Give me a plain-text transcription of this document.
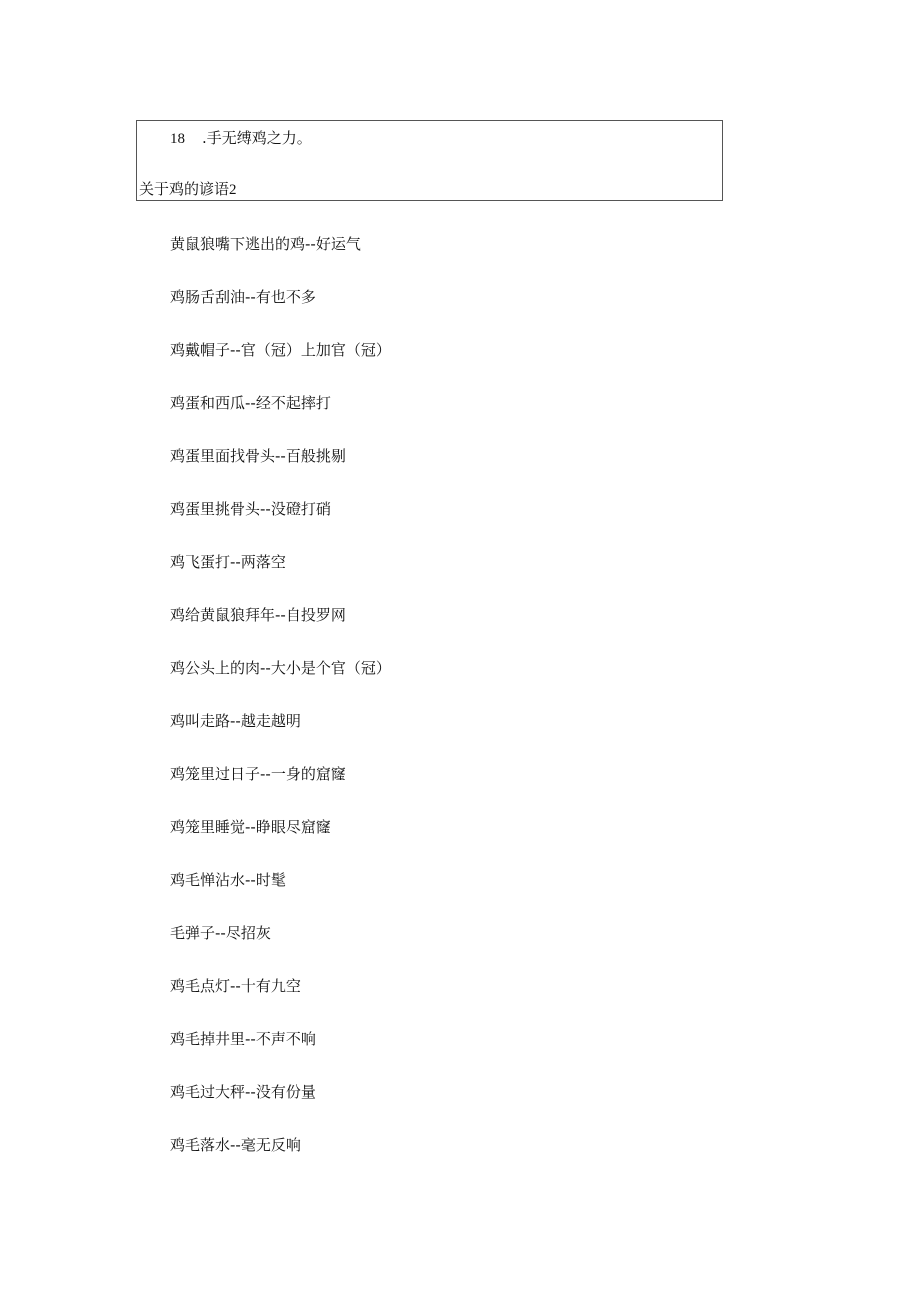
18 .手无缚鸡之力。
关于鸡的谚语2
黄鼠狼嘴下逃出的鸡--好运气
鸡肠舌刮油--有也不多
鸡戴帽子--官（冠）上加官（冠）
鸡蛋和西瓜--经不起摔打
鸡蛋里面找骨头--百般挑剔
鸡蛋里挑骨头--没磴打硝
鸡飞蛋打--两落空
鸡给黄鼠狼拜年--自投罗网
鸡公头上的肉--大小是个官（冠）
鸡叫走路--越走越明
鸡笼里过日子--一身的窟窿
鸡笼里睡觉--睁眼尽窟窿
鸡毛惮沾水--时髦
毛弹子--尽招灰
鸡毛点灯--十有九空
鸡毛掉井里--不声不响
鸡毛过大秤--没有份量
鸡毛落水--毫无反响
